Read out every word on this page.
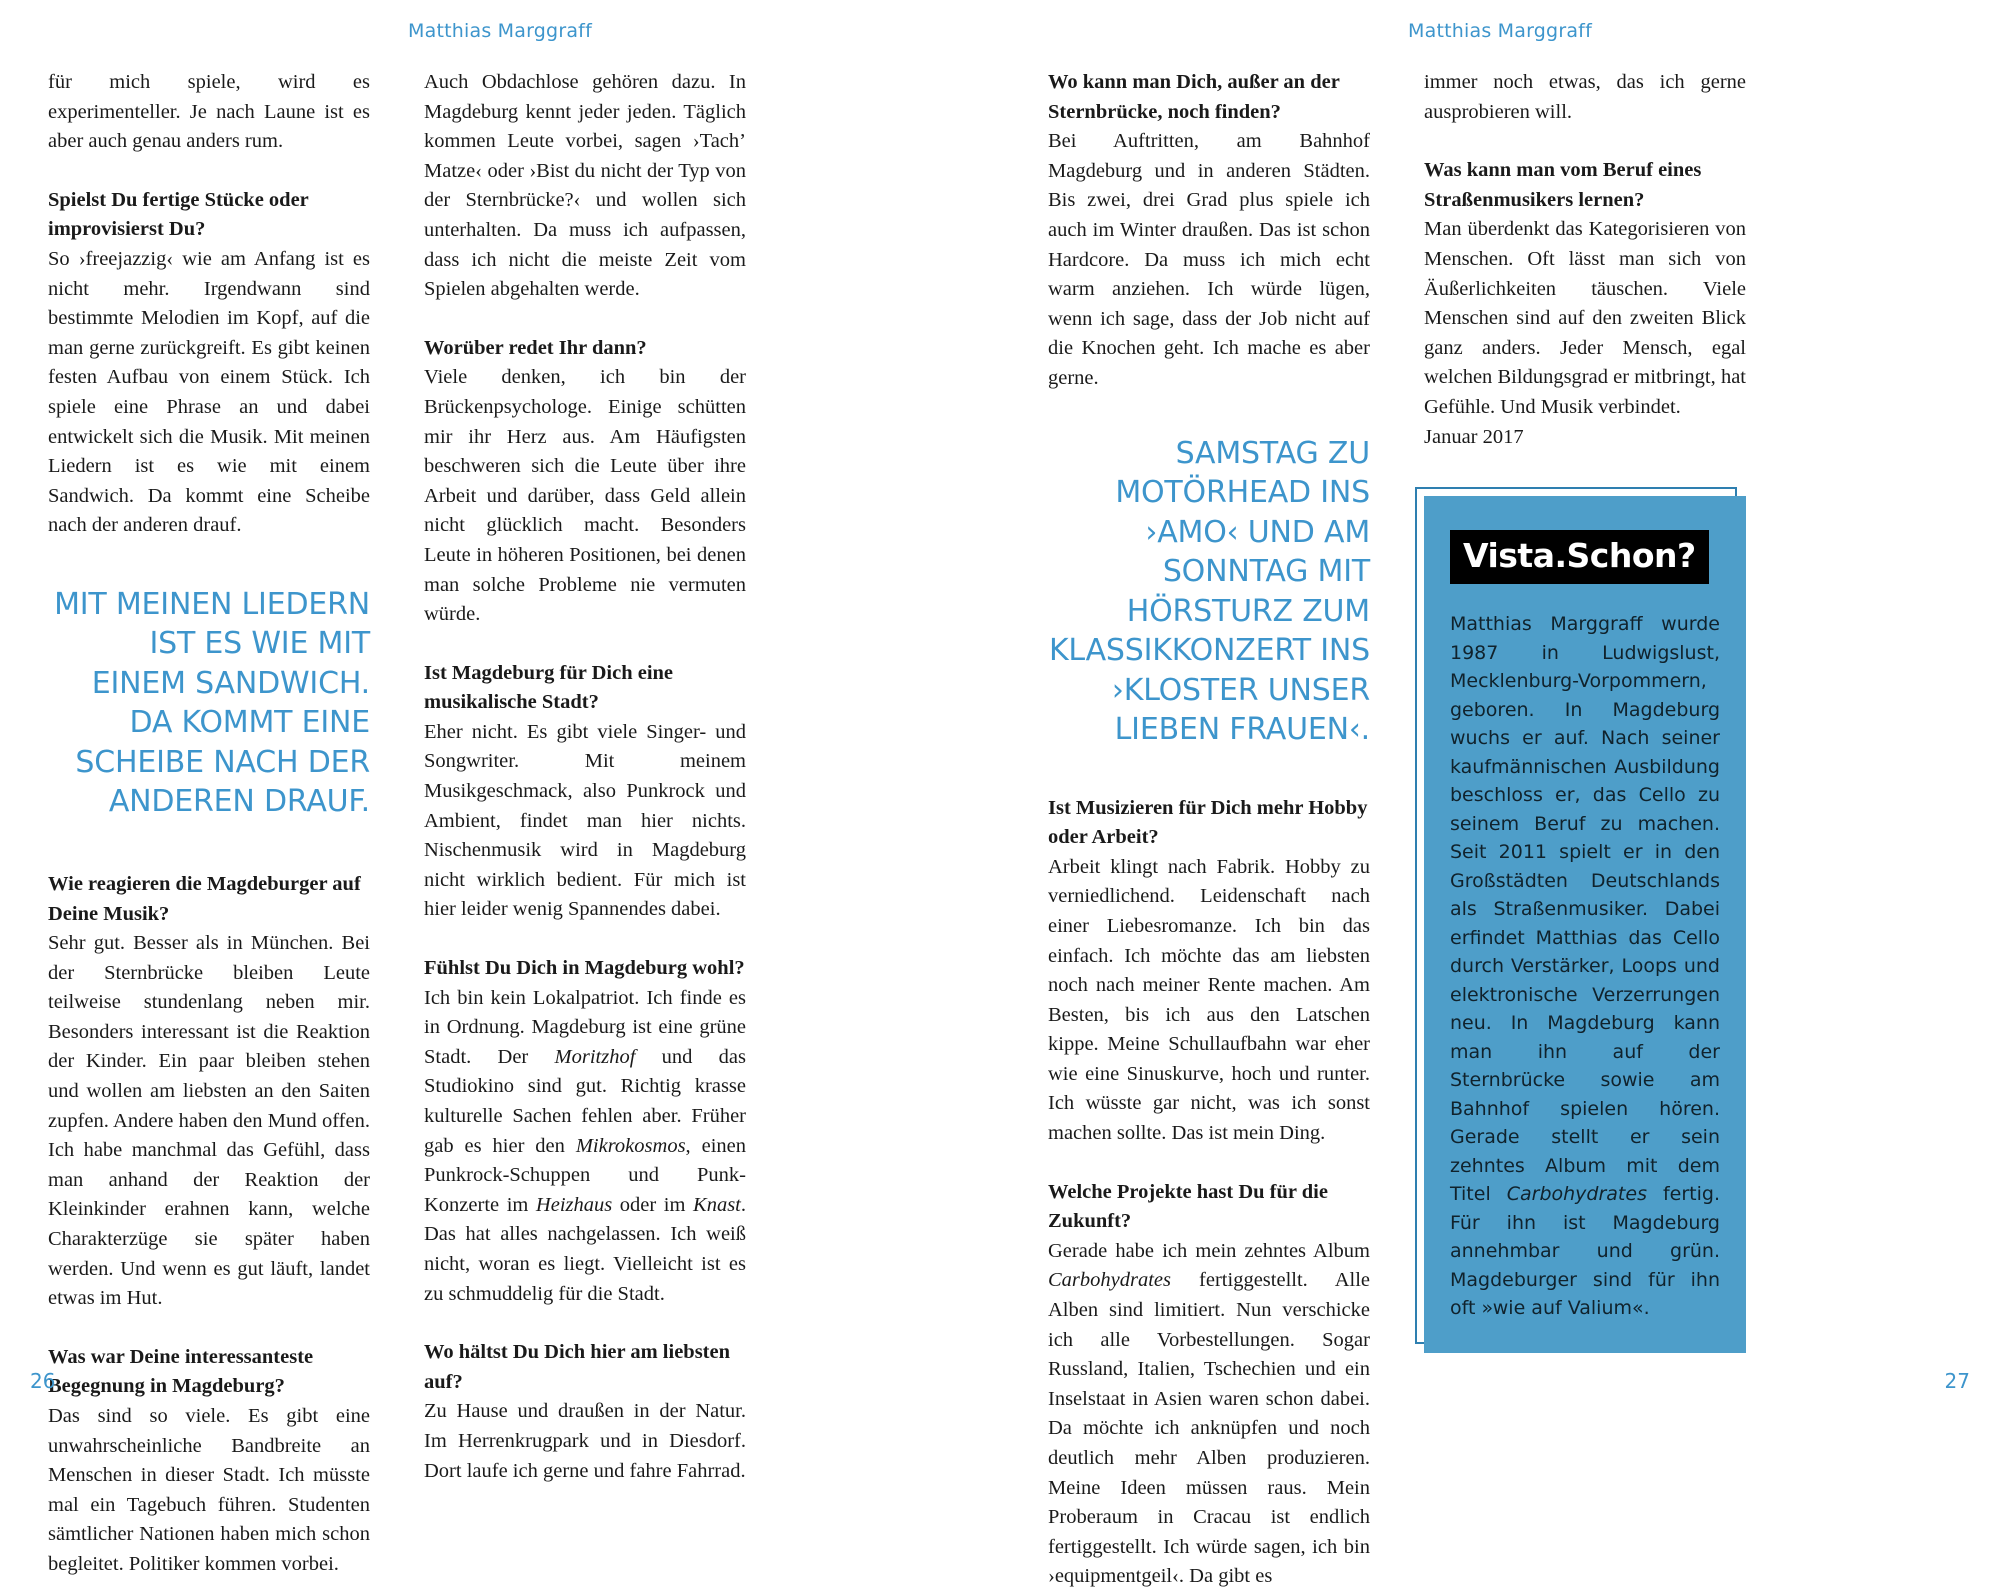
Matthias Marggraff

für mich spiele, wird es experimenteller. Je nach Laune ist es aber auch genau anders rum.

Spielst Du fertige Stücke oder improvisierst Du?

So ›freejazzig‹ wie am Anfang ist es nicht mehr. Irgendwann sind bestimmte Melodien im Kopf, auf die man gerne zurückgreift. Es gibt keinen festen Aufbau von einem Stück. Ich spiele eine Phrase an und dabei entwickelt sich die Musik. Mit meinen Liedern ist es wie mit einem Sandwich. Da kommt eine Scheibe nach der anderen drauf.

MIT MEINEN LIEDERN IST ES WIE MIT EINEM SANDWICH. DA KOMMT EINE SCHEIBE NACH DER ANDEREN DRAUF.
Wie reagieren die Magdeburger auf Deine Musik?

Sehr gut. Besser als in München. Bei der Sternbrücke bleiben Leute teilweise stundenlang neben mir. Besonders interessant ist die Reaktion der Kinder. Ein paar bleiben stehen und wollen am liebsten an den Saiten zupfen. Andere haben den Mund offen. Ich habe manchmal das Gefühl, dass man anhand der Reaktion der Kleinkinder erahnen kann, welche Charakterzüge sie später haben werden. Und wenn es gut läuft, landet etwas im Hut.

Was war Deine interessanteste Begegnung in Magdeburg?

Das sind so viele. Es gibt eine unwahrscheinliche Bandbreite an Menschen in dieser Stadt. Ich müsste mal ein Tagebuch führen. Studenten sämtlicher Nationen haben mich schon begleitet. Politiker kommen vorbei.

Auch Obdachlose gehören dazu. In Magdeburg kennt jeder jeden. Täglich kommen Leute vorbei, sagen ›Tach’ Matze‹ oder ›Bist du nicht der Typ von der Sternbrücke?‹ und wollen sich unterhalten. Da muss ich aufpassen, dass ich nicht die meiste Zeit vom Spielen abgehalten werde.

Worüber redet Ihr dann?

Viele denken, ich bin der Brückenpsychologe. Einige schütten mir ihr Herz aus. Am Häufigsten beschweren sich die Leute über ihre Arbeit und darüber, dass Geld allein nicht glücklich macht. Besonders Leute in höheren Positionen, bei denen man solche Probleme nie vermuten würde.

Ist Magdeburg für Dich eine musikalische Stadt?

Eher nicht. Es gibt viele Singer- und Songwriter. Mit meinem Musikgeschmack, also Punkrock und Ambient, findet man hier nichts. Nischenmusik wird in Magdeburg nicht wirklich bedient. Für mich ist hier leider wenig Spannendes dabei.

Fühlst Du Dich in Magdeburg wohl?

Ich bin kein Lokalpatriot. Ich finde es in Ordnung. Magdeburg ist eine grüne Stadt. Der Moritzhof und das Studiokino sind gut. Richtig krasse kulturelle Sachen fehlen aber. Früher gab es hier den Mikrokosmos, einen Punkrock-Schuppen und Punk-Konzerte im Heizhaus oder im Knast. Das hat alles nachgelassen. Ich weiß nicht, woran es liegt. Vielleicht ist es zu schmuddelig für die Stadt.

Wo hältst Du Dich hier am liebsten auf?

Zu Hause und draußen in der Natur. Im Herrenkrugpark und in Diesdorf. Dort laufe ich gerne und fahre Fahrrad.

26
Matthias Marggraff
Wo kann man Dich, außer an der Sternbrücke, noch finden?

Bei Auftritten, am Bahnhof Magdeburg und in anderen Städten. Bis zwei, drei Grad plus spiele ich auch im Winter draußen. Das ist schon Hardcore. Da muss ich mich echt warm anziehen. Ich würde lügen, wenn ich sage, dass der Job nicht auf die Knochen geht. Ich mache es aber gerne.

SAMSTAG ZU MOTÖRHEAD INS ›AMO‹ UND AM SONNTAG MIT HÖRSTURZ ZUM KLASSIKKONZERT INS ›KLOSTER UNSER LIEBEN FRAUEN‹.
Ist Musizieren für Dich mehr Hobby oder Arbeit?

Arbeit klingt nach Fabrik. Hobby zu verniedlichend. Leidenschaft nach einer Liebesromanze. Ich bin das einfach. Ich möchte das am liebsten noch nach meiner Rente machen. Am Besten, bis ich aus den Latschen kippe. Meine Schullaufbahn war eher wie eine Sinuskurve, hoch und runter. Ich wüsste gar nicht, was ich sonst machen sollte. Das ist mein Ding.

Welche Projekte hast Du für die Zukunft?

Gerade habe ich mein zehntes Album Carbohydrates fertiggestellt. Alle Alben sind limitiert. Nun verschicke ich alle Vorbestellungen. Sogar Russland, Italien, Tschechien und ein Inselstaat in Asien waren schon dabei. Da möchte ich anknüpfen und noch deutlich mehr Alben produzieren. Meine Ideen müssen raus. Mein Proberaum in Cracau ist endlich fertiggestellt. Ich würde sagen, ich bin ›equipmentgeil‹. Da gibt es

immer noch etwas, das ich gerne ausprobieren will.

Was kann man vom Beruf eines Straßenmusikers lernen?

Man überdenkt das Kategorisieren von Menschen. Oft lässt man sich von Äußerlichkeiten täuschen. Viele Menschen sind auf den zweiten Blick ganz anders. Jeder Mensch, egal welchen Bildungsgrad er mitbringt, hat Gefühle. Und Musik verbindet.

Januar 2017

Vista.Schon?

Matthias Marggraff wurde 1987 in Ludwigslust, Mecklenburg-Vorpommern, geboren. In Magdeburg wuchs er auf. Nach seiner kaufmännischen Ausbildung beschloss er, das Cello zu seinem Beruf zu machen. Seit 2011 spielt er in den Großstädten Deutschlands als Straßenmusiker. Dabei erfindet Matthias das Cello durch Verstärker, Loops und elektronische Verzerrungen neu. In Magdeburg kann man ihn auf der Sternbrücke sowie am Bahnhof spielen hören. Gerade stellt er sein zehntes Album mit dem Titel Carbohydrates fertig. Für ihn ist Magdeburg annehmbar und grün. Magdeburger sind für ihn oft »wie auf Valium«.

27
